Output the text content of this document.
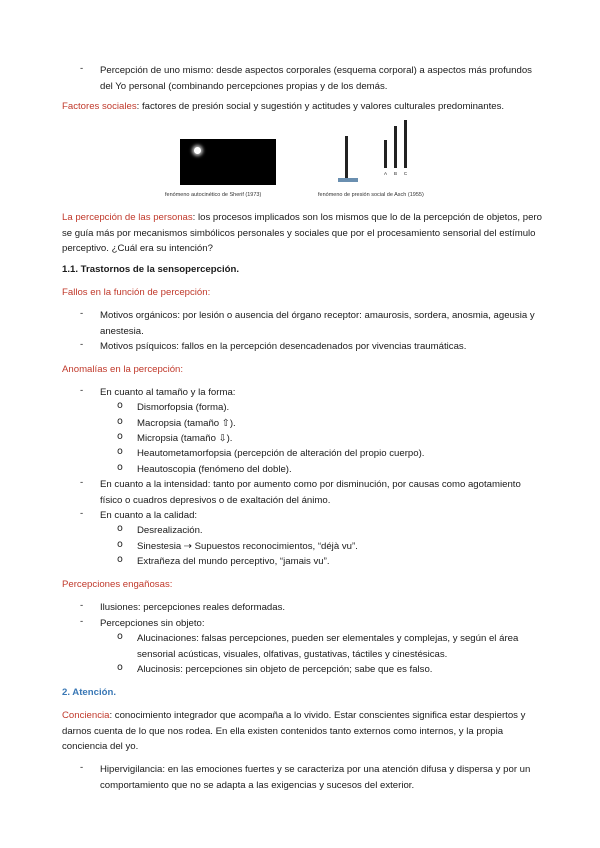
- Percepción de uno mismo: desde aspectos corporales (esquema corporal) a aspectos más profundos del Yo personal (combinando percepciones propias y de los demás.

Factores sociales: factores de presión social y sugestión y actitudes y valores culturales predominantes.

fenómeno autocinético de Sherif (1973)
A B C
fenómeno de presión social de Asch (1955)

La percepción de las personas: los procesos implicados son los mismos que lo de la percepción de objetos, pero se guía más por mecanismos simbólicos personales y sociales que por el procesamiento sensorial del estímulo perceptivo. ¿Cuál era su intención?

1.1. Trastornos de la sensopercepción.

Fallos en la función de percepción:

- Motivos orgánicos: por lesión o ausencia del órgano receptor: amaurosis, sordera, anosmia, ageusia y anestesia.
- Motivos psíquicos: fallos en la percepción desencadenados por vivencias traumáticas.

Anomalías en la percepción:

- En cuanto al tamaño y la forma:
o Dismorfopsia (forma).
o Macropsia (tamaño ⇧).
o Micropsia (tamaño ⇩).
o Heautometamorfopsia (percepción de alteración del propio cuerpo).
o Heautoscopia (fenómeno del doble).
- En cuanto a la intensidad: tanto por aumento como por disminución, por causas como agotamiento físico o cuadros depresivos o de exaltación del ánimo.
- En cuanto a la calidad:
o Desrealización.
o Sinestesia ⇢ Supuestos reconocimientos, “déjà vu”.
o Extrañeza del mundo perceptivo, “jamais vu”.

Percepciones engañosas:

- Ilusiones: percepciones reales deformadas.
- Percepciones sin objeto:
o Alucinaciones: falsas percepciones, pueden ser elementales y complejas, y según el área sensorial acústicas, visuales, olfativas, gustativas, táctiles y cinestésicas.
o Alucinosis: percepciones sin objeto de percepción; sabe que es falso.

2. Atención.

Conciencia: conocimiento integrador que acompaña a lo vivido. Estar conscientes significa estar despiertos y darnos cuenta de lo que nos rodea. En ella existen contenidos tanto externos como internos, y la propia conciencia del yo.

- Hipervigilancia: en las emociones fuertes y se caracteriza por una atención difusa y dispersa y por un comportamiento que no se adapta a las exigencias y sucesos del exterior.
